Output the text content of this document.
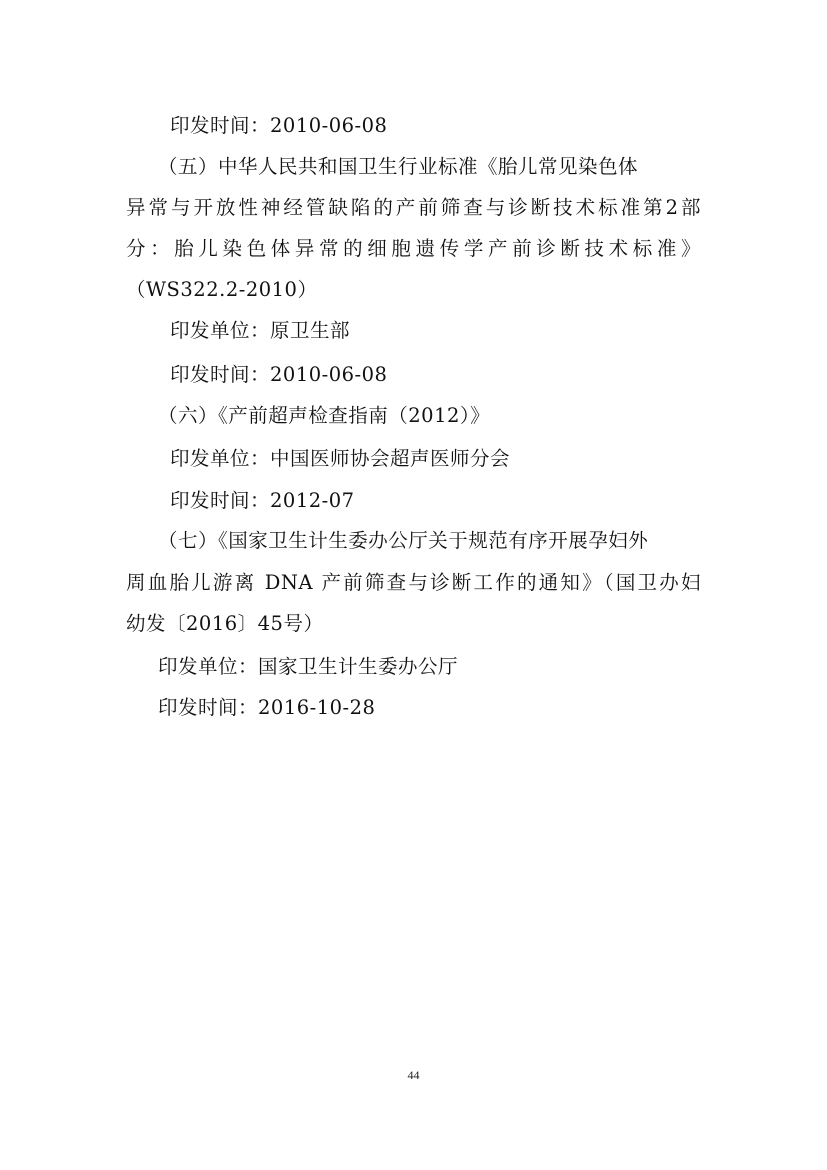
印发时间：2010-06-08
（五）中华人民共和国卫生行业标准《胎儿常见染色体
异常与开放性神经管缺陷的产前筛查与诊断技术标准第2部
分：胎儿染色体异常的细胞遗传学产前诊断技术标准》
（WS322.2-2010）
印发单位：原卫生部
印发时间：2010-06-08
（六）《产前超声检查指南（2012）》
印发单位：中国医师协会超声医师分会
印发时间：2012-07
（七）《国家卫生计生委办公厅关于规范有序开展孕妇外
周血胎儿游离 DNA 产前筛查与诊断工作的通知》（国卫办妇
幼发〔2016〕45号）
印发单位：国家卫生计生委办公厅
印发时间：2016-10-28
44
